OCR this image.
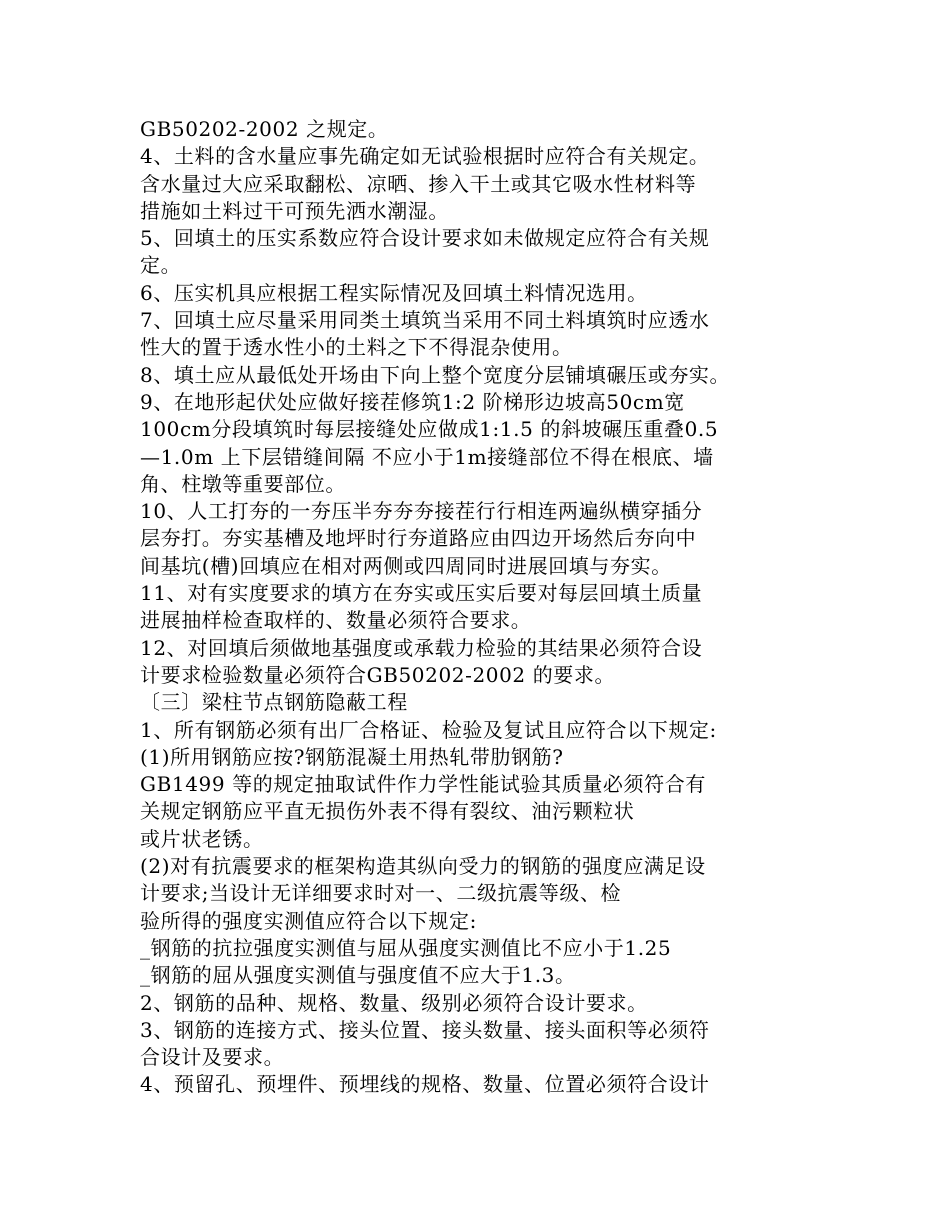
GB50202-2002 之规定。
4、土料的含水量应事先确定如无试验根据时应符合有关规定。
含水量过大应采取翻松、凉晒、掺入干土或其它吸水性材料等
措施如土料过干可预先洒水潮湿。
5、回填土的压实系数应符合设计要求如未做规定应符合有关规
定。
6、压实机具应根据工程实际情况及回填土料情况选用。
7、回填土应尽量采用同类土填筑当采用不同土料填筑时应透水
性大的置于透水性小的土料之下不得混杂使用。
8、填土应从最低处开场由下向上整个宽度分层铺填碾压或夯实。
9、在地形起伏处应做好接茬修筑1:2 阶梯形边坡高50cm宽
100cm分段填筑时每层接缝处应做成1:1.5 的斜坡碾压重叠0.5
—1.0m 上下层错缝间隔 不应小于1m接缝部位不得在根底、墙
角、柱墩等重要部位。
10、人工打夯的一夯压半夯夯夯接茬行行相连两遍纵横穿插分
层夯打。夯实基槽及地坪时行夯道路应由四边开场然后夯向中
间基坑(槽)回填应在相对两侧或四周同时进展回填与夯实。
11、对有实度要求的填方在夯实或压实后要对每层回填土质量
进展抽样检查取样的、数量必须符合要求。
12、对回填后须做地基强度或承载力检验的其结果必须符合设
计要求检验数量必须符合GB50202-2002 的要求。
〔三〕梁柱节点钢筋隐蔽工程
1、所有钢筋必须有出厂合格证、检验及复试且应符合以下规定:
(1)所用钢筋应按?钢筋混凝土用热轧带肋钢筋?
GB1499 等的规定抽取试件作力学性能试验其质量必须符合有
关规定钢筋应平直无损伤外表不得有裂纹、油污颗粒状
或片状老锈。
(2)对有抗震要求的框架构造其纵向受力的钢筋的强度应满足设
计要求;当设计无详细要求时对一、二级抗震等级、检
验所得的强度实测值应符合以下规定:
_钢筋的抗拉强度实测值与屈从强度实测值比不应小于1.25
_钢筋的屈从强度实测值与强度值不应大于1.3。
2、钢筋的品种、规格、数量、级别必须符合设计要求。
3、钢筋的连接方式、接头位置、接头数量、接头面积等必须符
合设计及要求。
4、预留孔、预埋件、预埋线的规格、数量、位置必须符合设计
